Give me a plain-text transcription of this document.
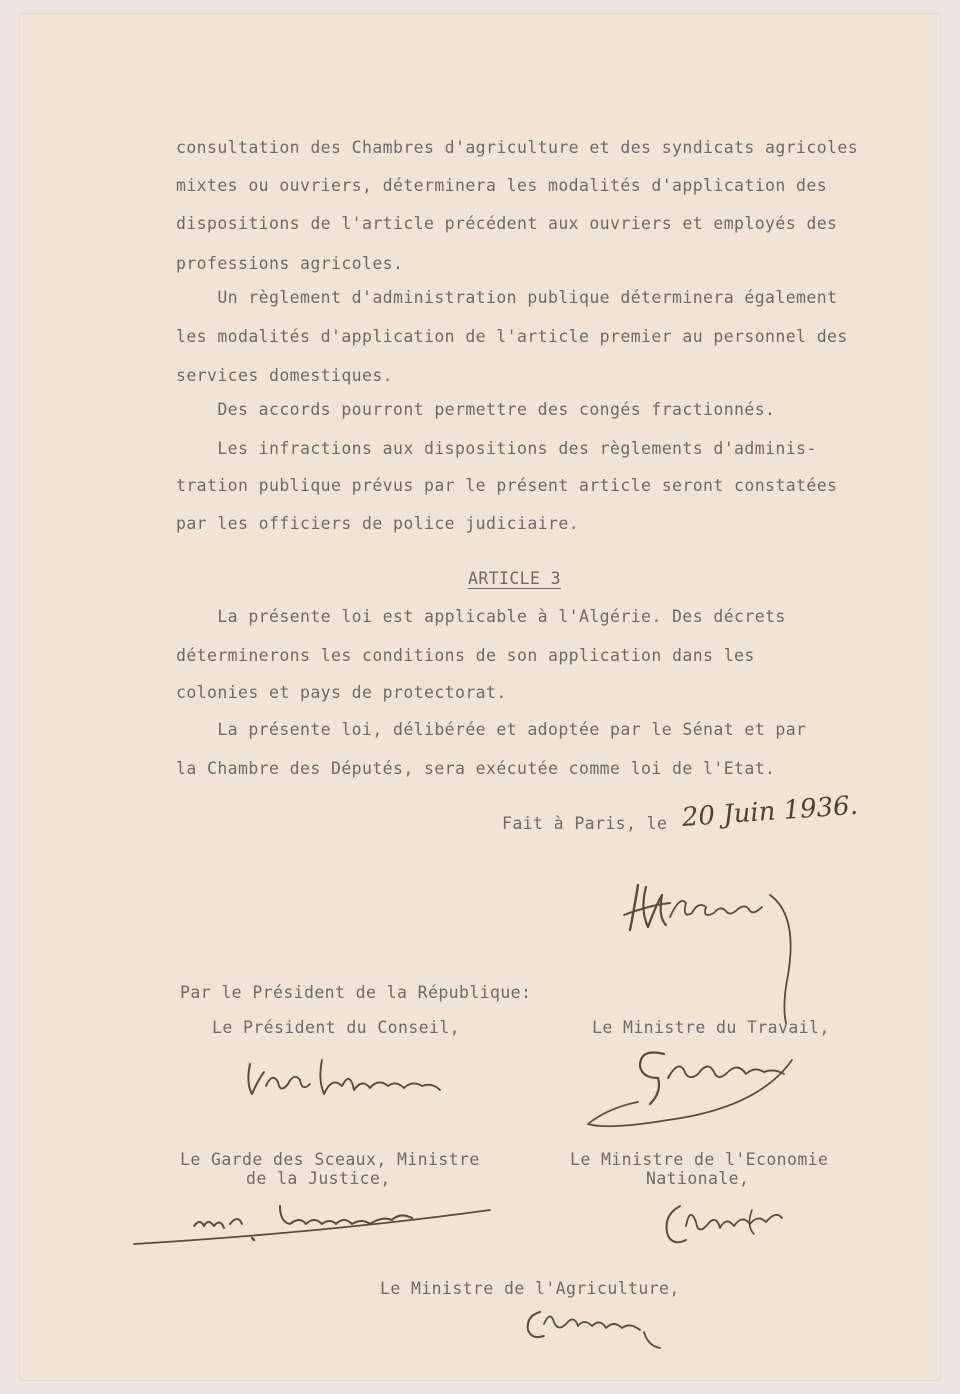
consultation des Chambres d'agriculture et des syndicats agricoles
mixtes ou ouvriers, déterminera les modalités d'application des
dispositions de l'article précédent aux ouvriers et employés des
professions agricoles.
Un règlement d'administration publique déterminera également
les modalités d'application de l'article premier au personnel des
services domestiques.
Des accords pourront permettre des congés fractionnés.
Les infractions aux dispositions des règlements d'adminis-
tration publique prévus par le présent article seront constatées
par les officiers de police judiciaire.
ARTICLE 3
La présente loi est applicable à l'Algérie. Des décrets
déterminerons les conditions de son application dans les
colonies et pays de protectorat.
La présente loi, délibérée et adoptée par le Sénat et par
la Chambre des Députés, sera exécutée comme loi de l'Etat.
Fait à Paris, le 20 Juin 1936.
Par le Président de la République:
Le Président du Conseil,	Le Ministre du Travail,
Le Garde des Sceaux, Ministre
de la Justice,
Le Ministre de l'Economie
Nationale,
Le Ministre de l'Agriculture,
